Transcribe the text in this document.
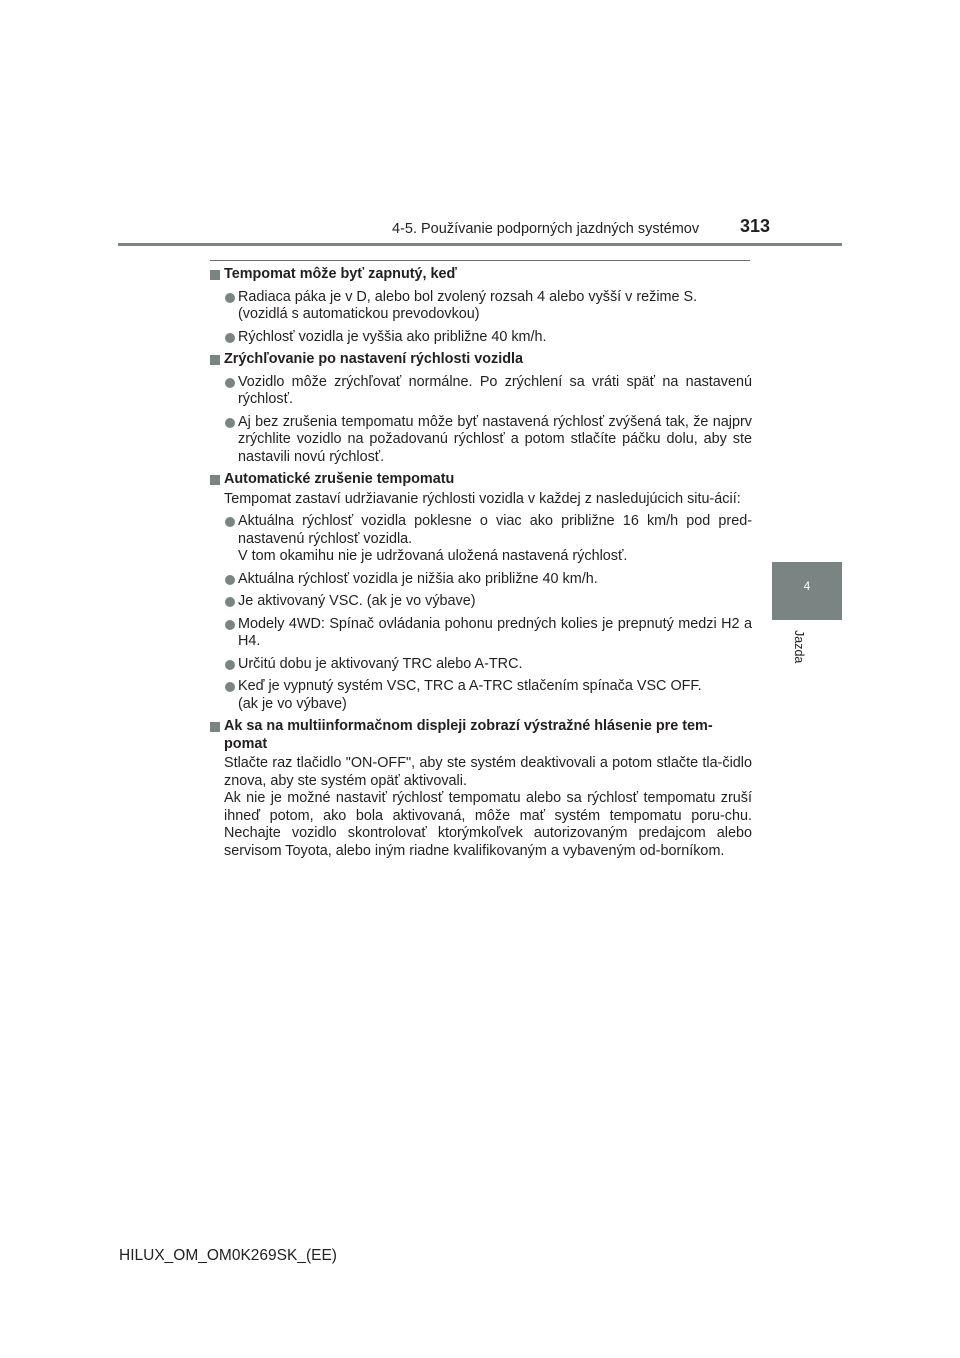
4-5. Používanie podporných jazdných systémov 313
4
Jazda
Tempomat môže byť zapnutý, keď
Radiaca páka je v D, alebo bol zvolený rozsah 4 alebo vyšší v režime S.
(vozidlá s automatickou prevodovkou)
Rýchlosť vozidla je vyššia ako približne 40 km/h.
Zrýchľovanie po nastavení rýchlosti vozidla
Vozidlo môže zrýchľovať normálne. Po zrýchlení sa vráti späť na nastavenú rýchlosť.
Aj bez zrušenia tempomatu môže byť nastavená rýchlosť zvýšená tak, že najprv zrýchlite vozidlo na požadovanú rýchlosť a potom stlačíte páčku dolu, aby ste nastavili novú rýchlosť.
Automatické zrušenie tempomatu
Tempomat zastaví udržiavanie rýchlosti vozidla v každej z nasledujúcich situ-ácií:
Aktuálna rýchlosť vozidla poklesne o viac ako približne 16 km/h pod pred-nastavenú rýchlosť vozidla.
V tom okamihu nie je udržovaná uložená nastavená rýchlosť.
Aktuálna rýchlosť vozidla je nižšia ako približne 40 km/h.
Je aktivovaný VSC. (ak je vo výbave)
Modely 4WD: Spínač ovládania pohonu predných kolies je prepnutý medzi H2 a H4.
Určitú dobu je aktivovaný TRC alebo A-TRC.
Keď je vypnutý systém VSC, TRC a A-TRC stlačením spínača VSC OFF.
(ak je vo výbave)
Ak sa na multiinformačnom displeji zobrazí výstražné hlásenie pre tem-pomat
Stlačte raz tlačidlo "ON-OFF", aby ste systém deaktivovali a potom stlačte tla-čidlo znova, aby ste systém opäť aktivovali.
Ak nie je možné nastaviť rýchlosť tempomatu alebo sa rýchlosť tempomatu zruší ihneď potom, ako bola aktivovaná, môže mať systém tempomatu poru-chu. Nechajte vozidlo skontrolovať ktorýmkoľvek autorizovaným predajcom alebo servisom Toyota, alebo iným riadne kvalifikovaným a vybaveným od-borníkom.
HILUX_OM_OM0K269SK_(EE)
